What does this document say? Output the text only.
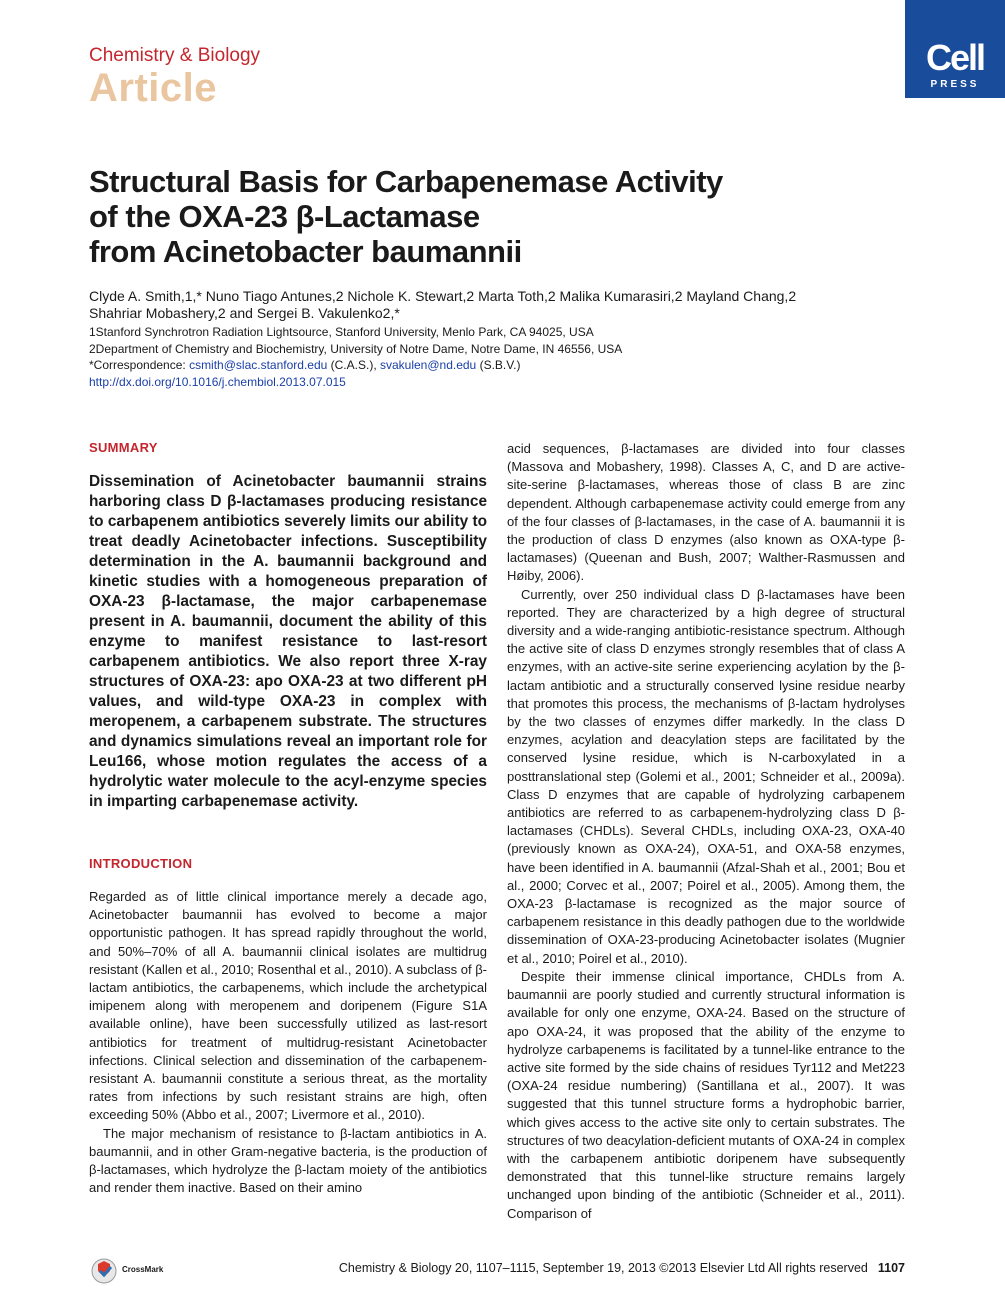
Chemistry & Biology
Article
Cell
PRESS
Structural Basis for Carbapenemase Activity
of the OXA-23 β-Lactamase
from Acinetobacter baumannii
Clyde A. Smith,1,* Nuno Tiago Antunes,2 Nichole K. Stewart,2 Marta Toth,2 Malika Kumarasiri,2 Mayland Chang,2
Shahriar Mobashery,2 and Sergei B. Vakulenko2,*
1Stanford Synchrotron Radiation Lightsource, Stanford University, Menlo Park, CA 94025, USA
2Department of Chemistry and Biochemistry, University of Notre Dame, Notre Dame, IN 46556, USA
*Correspondence: csmith@slac.stanford.edu (C.A.S.), svakulen@nd.edu (S.B.V.)
http://dx.doi.org/10.1016/j.chembiol.2013.07.015

SUMMARY

Dissemination of Acinetobacter baumannii strains harboring class D β-lactamases producing resistance to carbapenem antibiotics severely limits our ability to treat deadly Acinetobacter infections. Susceptibility determination in the A. baumannii background and kinetic studies with a homogeneous preparation of OXA-23 β-lactamase, the major carbapenemase present in A. baumannii, document the ability of this enzyme to manifest resistance to last-resort carbapenem antibiotics. We also report three X-ray structures of OXA-23: apo OXA-23 at two different pH values, and wild-type OXA-23 in complex with meropenem, a carbapenem substrate. The structures and dynamics simulations reveal an important role for Leu166, whose motion regulates the access of a hydrolytic water molecule to the acyl-enzyme species in imparting carbapenemase activity.

INTRODUCTION

Regarded as of little clinical importance merely a decade ago, Acinetobacter baumannii has evolved to become a major opportunistic pathogen. It has spread rapidly throughout the world, and 50%–70% of all A. baumannii clinical isolates are multidrug resistant (Kallen et al., 2010; Rosenthal et al., 2010). A subclass of β-lactam antibiotics, the carbapenems, which include the archetypical imipenem along with meropenem and doripenem (Figure S1A available online), have been successfully utilized as last-resort antibiotics for treatment of multidrug-resistant Acinetobacter infections. Clinical selection and dissemination of the carbapenem-resistant A. baumannii constitute a serious threat, as the mortality rates from infections by such resistant strains are high, often exceeding 50% (Abbo et al., 2007; Livermore et al., 2010).

The major mechanism of resistance to β-lactam antibiotics in A. baumannii, and in other Gram-negative bacteria, is the production of β-lactamases, which hydrolyze the β-lactam moiety of the antibiotics and render them inactive. Based on their amino

acid sequences, β-lactamases are divided into four classes (Massova and Mobashery, 1998). Classes A, C, and D are active-site-serine β-lactamases, whereas those of class B are zinc dependent. Although carbapenemase activity could emerge from any of the four classes of β-lactamases, in the case of A. baumannii it is the production of class D enzymes (also known as OXA-type β-lactamases) (Queenan and Bush, 2007; Walther-Rasmussen and Høiby, 2006).

Currently, over 250 individual class D β-lactamases have been reported. They are characterized by a high degree of structural diversity and a wide-ranging antibiotic-resistance spectrum. Although the active site of class D enzymes strongly resembles that of class A enzymes, with an active-site serine experiencing acylation by the β-lactam antibiotic and a structurally conserved lysine residue nearby that promotes this process, the mechanisms of β-lactam hydrolyses by the two classes of enzymes differ markedly. In the class D enzymes, acylation and deacylation steps are facilitated by the conserved lysine residue, which is N-carboxylated in a posttranslational step (Golemi et al., 2001; Schneider et al., 2009a). Class D enzymes that are capable of hydrolyzing carbapenem antibiotics are referred to as carbapenem-hydrolyzing class D β-lactamases (CHDLs). Several CHDLs, including OXA-23, OXA-40 (previously known as OXA-24), OXA-51, and OXA-58 enzymes, have been identified in A. baumannii (Afzal-Shah et al., 2001; Bou et al., 2000; Corvec et al., 2007; Poirel et al., 2005). Among them, the OXA-23 β-lactamase is recognized as the major source of carbapenem resistance in this deadly pathogen due to the worldwide dissemination of OXA-23-producing Acinetobacter isolates (Mugnier et al., 2010; Poirel et al., 2010).

Despite their immense clinical importance, CHDLs from A. baumannii are poorly studied and currently structural information is available for only one enzyme, OXA-24. Based on the structure of apo OXA-24, it was proposed that the ability of the enzyme to hydrolyze carbapenems is facilitated by a tunnel-like entrance to the active site formed by the side chains of residues Tyr112 and Met223 (OXA-24 residue numbering) (Santillana et al., 2007). It was suggested that this tunnel structure forms a hydrophobic barrier, which gives access to the active site only to certain substrates. The structures of two deacylation-deficient mutants of OXA-24 in complex with the carbapenem antibiotic doripenem have subsequently demonstrated that this tunnel-like structure remains largely unchanged upon binding of the antibiotic (Schneider et al., 2011). Comparison of

CrossMark	Chemistry & Biology 20, 1107–1115, September 19, 2013 ©2013 Elsevier Ltd All rights reserved 1107
